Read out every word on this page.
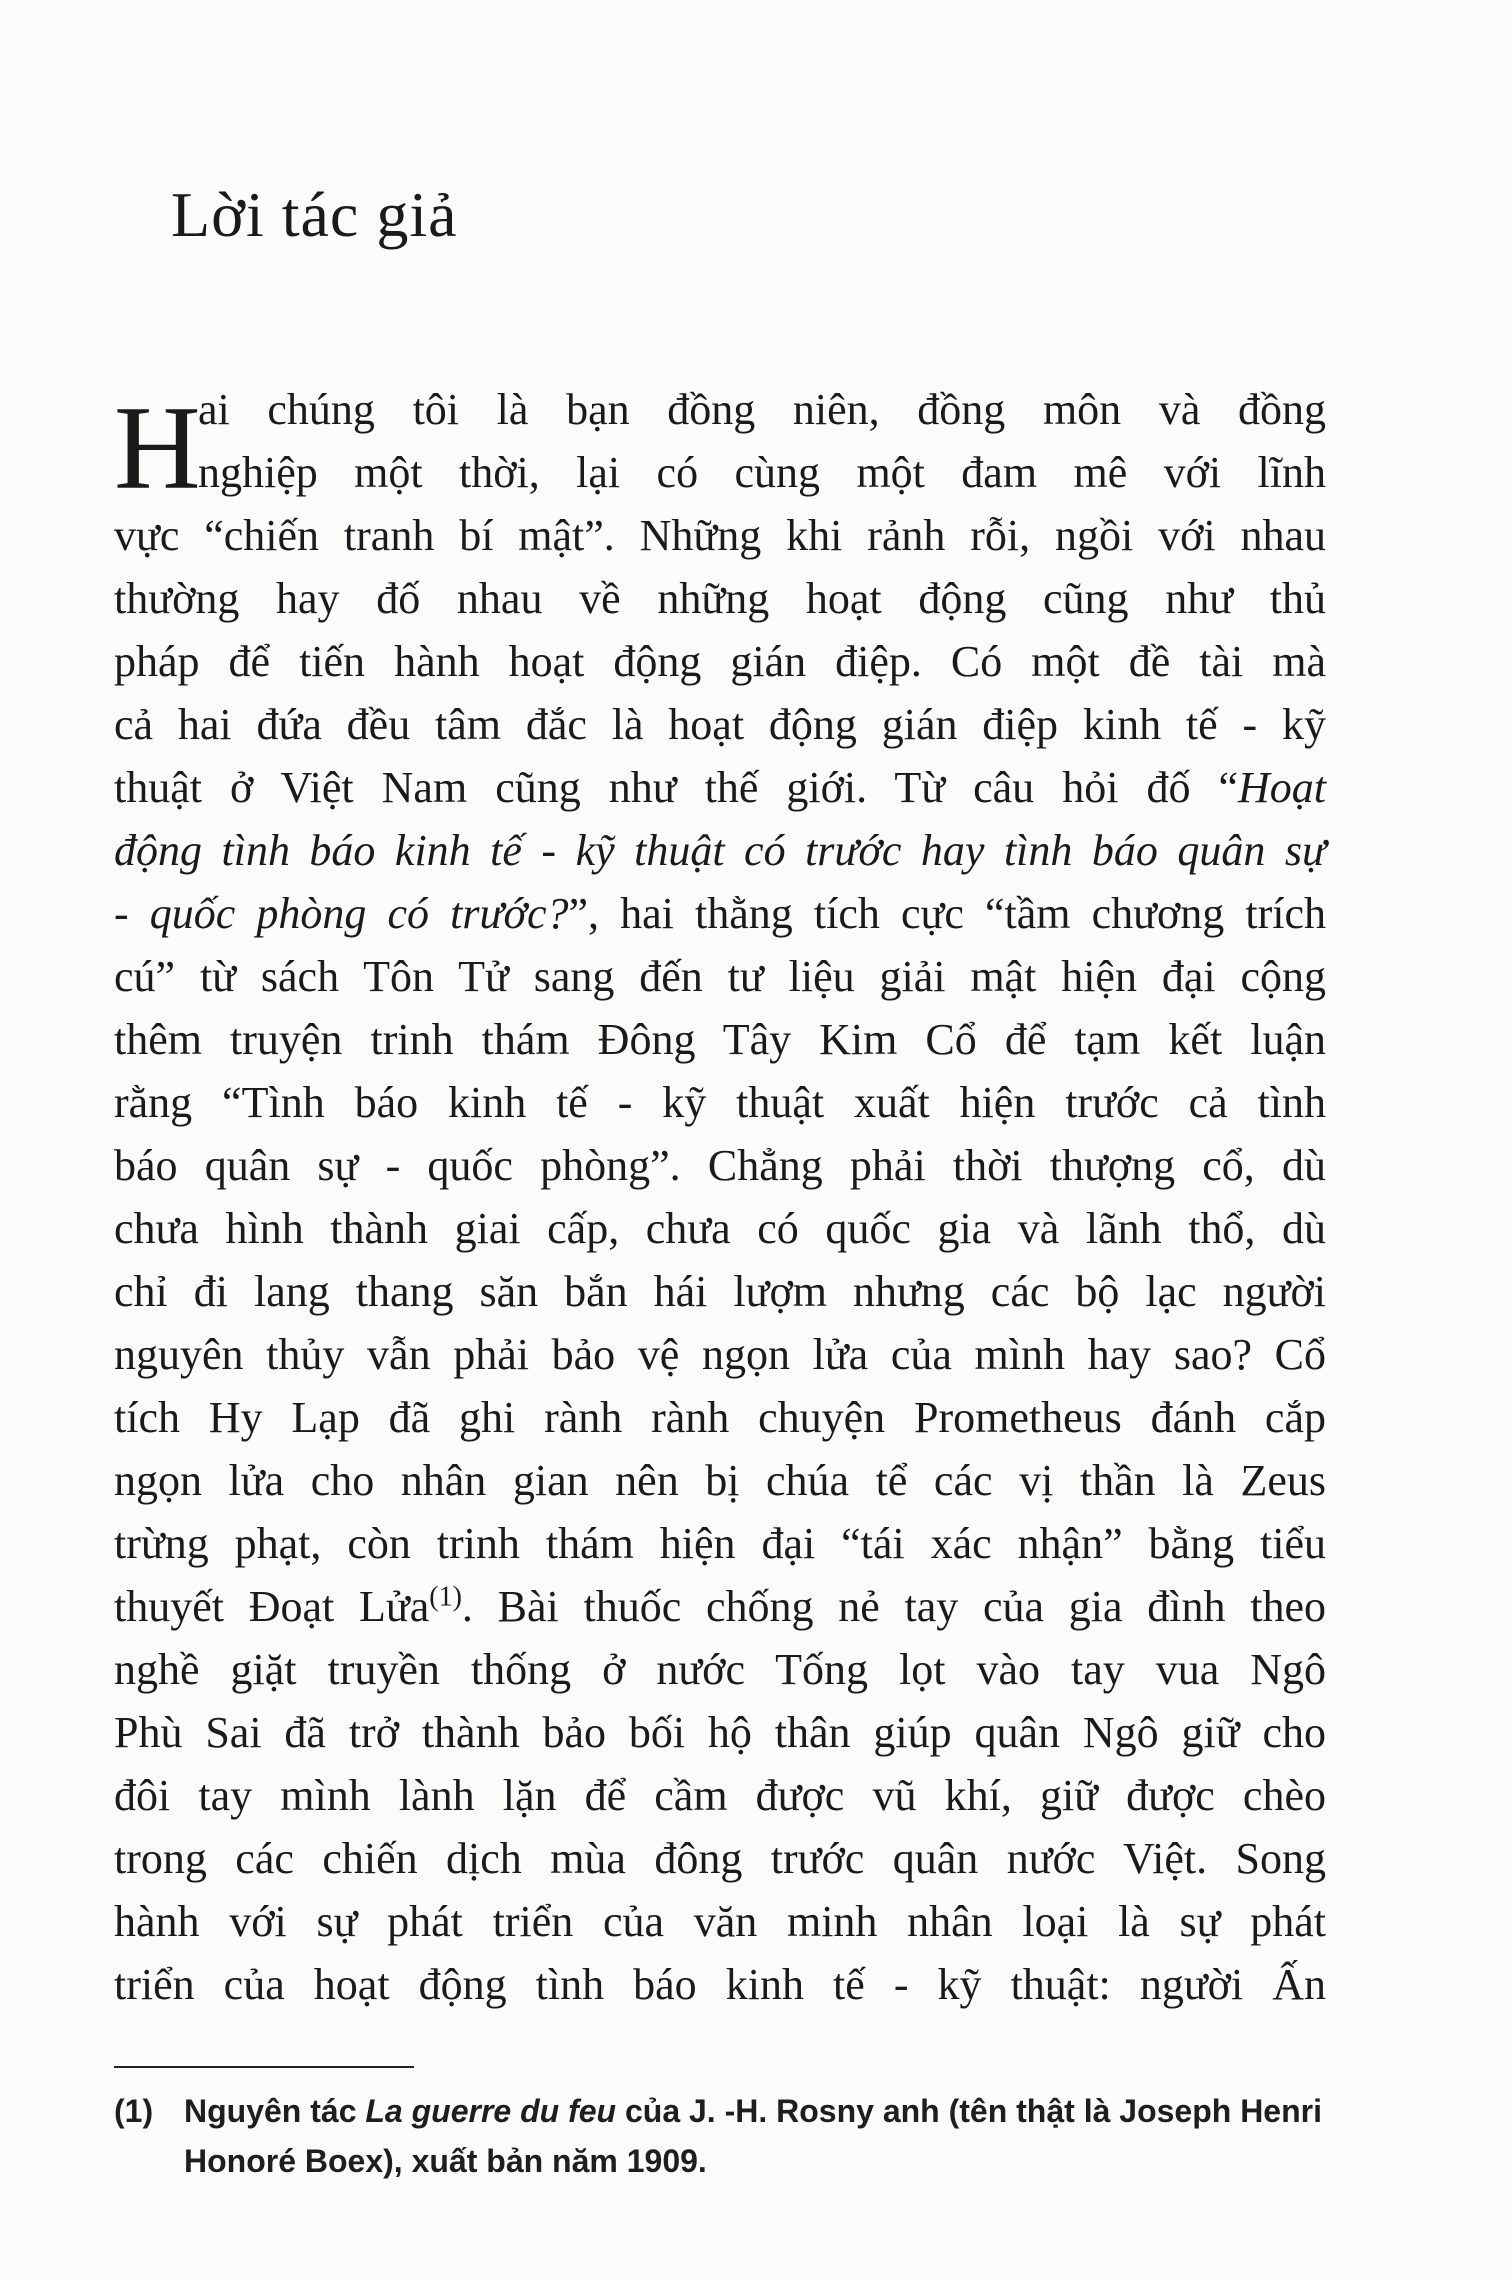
Lời tác giả
H
ai chúng tôi là bạn đồng niên, đồng môn và đồng
nghiệp một thời, lại có cùng một đam mê với lĩnh
vực “chiến tranh bí mật”. Những khi rảnh rỗi, ngồi với nhau
thường hay đố nhau về những hoạt động cũng như thủ
pháp để tiến hành hoạt động gián điệp. Có một đề tài mà
cả hai đứa đều tâm đắc là hoạt động gián điệp kinh tế - kỹ
thuật ở Việt Nam cũng như thế giới. Từ câu hỏi đố “Hoạt
động tình báo kinh tế - kỹ thuật có trước hay tình báo quân sự
- quốc phòng có trước?”, hai thằng tích cực “tầm chương trích
cú” từ sách Tôn Tử sang đến tư liệu giải mật hiện đại cộng
thêm truyện trinh thám Đông Tây Kim Cổ để tạm kết luận
rằng “Tình báo kinh tế - kỹ thuật xuất hiện trước cả tình
báo quân sự - quốc phòng”. Chẳng phải thời thượng cổ, dù
chưa hình thành giai cấp, chưa có quốc gia và lãnh thổ, dù
chỉ đi lang thang săn bắn hái lượm nhưng các bộ lạc người
nguyên thủy vẫn phải bảo vệ ngọn lửa của mình hay sao? Cổ
tích Hy Lạp đã ghi rành rành chuyện Prometheus đánh cắp
ngọn lửa cho nhân gian nên bị chúa tể các vị thần là Zeus
trừng phạt, còn trinh thám hiện đại “tái xác nhận” bằng tiểu
thuyết Đoạt Lửa$^{(1)}$. Bài thuốc chống nẻ tay của gia đình theo
nghề giặt truyền thống ở nước Tống lọt vào tay vua Ngô
Phù Sai đã trở thành bảo bối hộ thân giúp quân Ngô giữ cho
đôi tay mình lành lặn để cầm được vũ khí, giữ được chèo
trong các chiến dịch mùa đông trước quân nước Việt. Song
hành với sự phát triển của văn minh nhân loại là sự phát
triển của hoạt động tình báo kinh tế - kỹ thuật: người Ấn
(1) Nguyên tác La guerre du feu của J. -H. Rosny anh (tên thật là Joseph Henri
Honoré Boex), xuất bản năm 1909.
